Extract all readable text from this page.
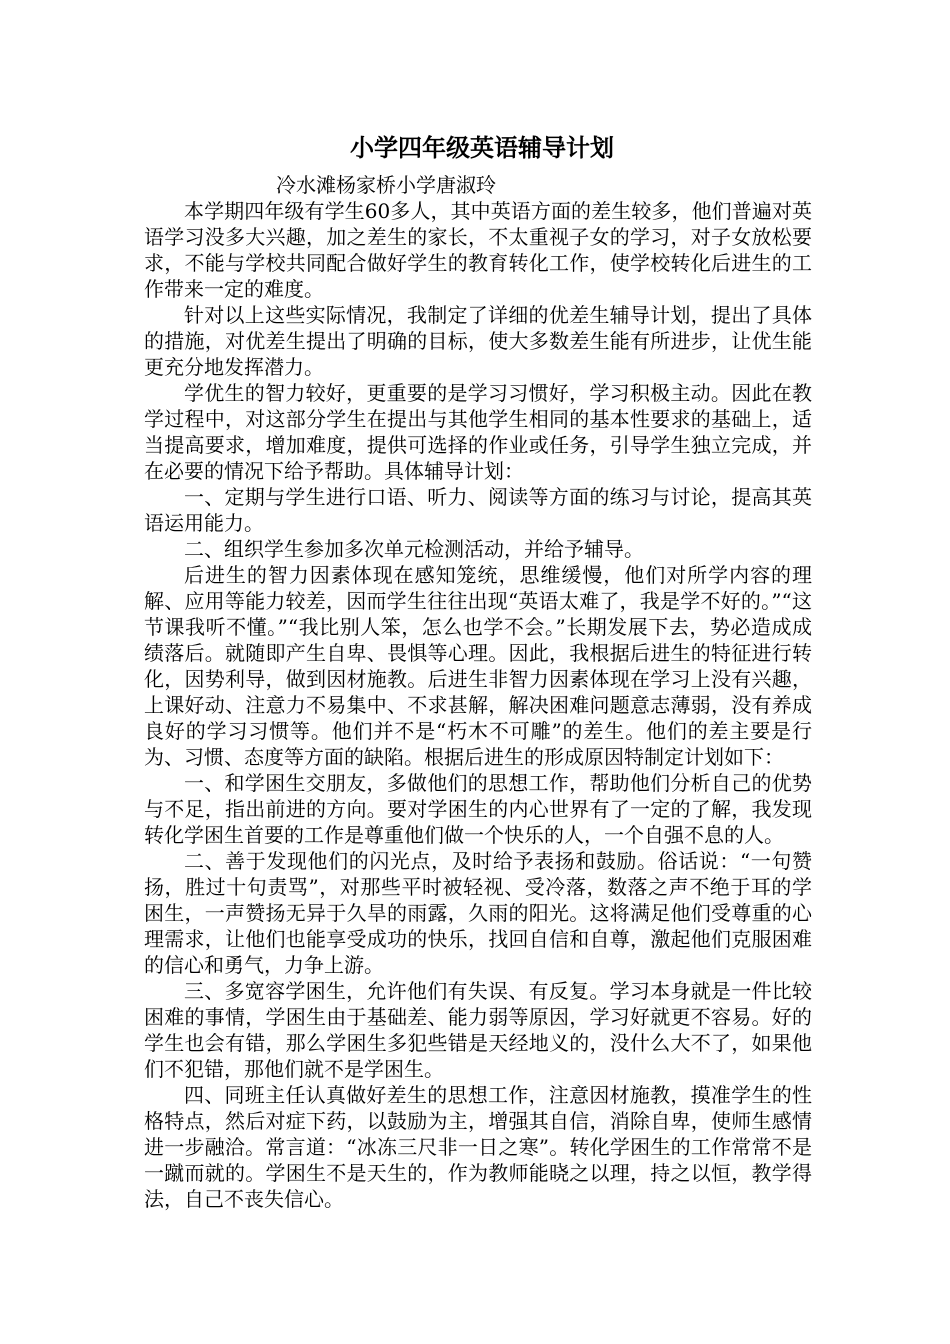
小学四年级英语辅导计划

冷水滩杨家桥小学唐淑玲

本学期四年级有学生60多人，其中英语方面的差生较多，他们普遍对英语学习没多大兴趣，加之差生的家长，不太重视子女的学习，对子女放松要求，不能与学校共同配合做好学生的教育转化工作，使学校转化后进生的工作带来一定的难度。

针对以上这些实际情况，我制定了详细的优差生辅导计划，提出了具体的措施，对优差生提出了明确的目标，使大多数差生能有所进步，让优生能更充分地发挥潜力。

学优生的智力较好，更重要的是学习习惯好，学习积极主动。因此在教学过程中，对这部分学生在提出与其他学生相同的基本性要求的基础上，适当提高要求，增加难度，提供可选择的作业或任务，引导学生独立完成，并在必要的情况下给予帮助。具体辅导计划：

一、定期与学生进行口语、听力、阅读等方面的练习与讨论，提高其英语运用能力。

二、组织学生参加多次单元检测活动，并给予辅导。

后进生的智力因素体现在感知笼统，思维缓慢，他们对所学内容的理解、应用等能力较差，因而学生往往出现“英语太难了，我是学不好的。”“这节课我听不懂。”“我比别人笨，怎么也学不会。”长期发展下去，势必造成成绩落后。就随即产生自卑、畏惧等心理。因此，我根据后进生的特征进行转化，因势利导，做到因材施教。后进生非智力因素体现在学习上没有兴趣，上课好动、注意力不易集中、不求甚解，解决困难问题意志薄弱，没有养成良好的学习习惯等。他们并不是“朽木不可雕”的差生。他们的差主要是行为、习惯、态度等方面的缺陷。根据后进生的形成原因特制定计划如下：

一、和学困生交朋友，多做他们的思想工作，帮助他们分析自己的优势与不足，指出前进的方向。要对学困生的内心世界有了一定的了解，我发现转化学困生首要的工作是尊重他们做一个快乐的人，一个自强不息的人。

二、善于发现他们的闪光点，及时给予表扬和鼓励。俗话说：“一句赞扬，胜过十句责骂”，对那些平时被轻视、受冷落，数落之声不绝于耳的学困生，一声赞扬无异于久旱的雨露，久雨的阳光。这将满足他们受尊重的心理需求，让他们也能享受成功的快乐，找回自信和自尊，激起他们克服困难的信心和勇气，力争上游。

三、多宽容学困生，允许他们有失误、有反复。学习本身就是一件比较困难的事情，学困生由于基础差、能力弱等原因，学习好就更不容易。好的学生也会有错，那么学困生多犯些错是天经地义的，没什么大不了，如果他们不犯错，那他们就不是学困生。

四、同班主任认真做好差生的思想工作，注意因材施教，摸准学生的性格特点，然后对症下药，以鼓励为主，增强其自信，消除自卑，使师生感情进一步融洽。常言道：“冰冻三尺非一日之寒”。转化学困生的工作常常不是一蹴而就的。学困生不是天生的，作为教师能晓之以理，持之以恒，教学得法，自己不丧失信心。
